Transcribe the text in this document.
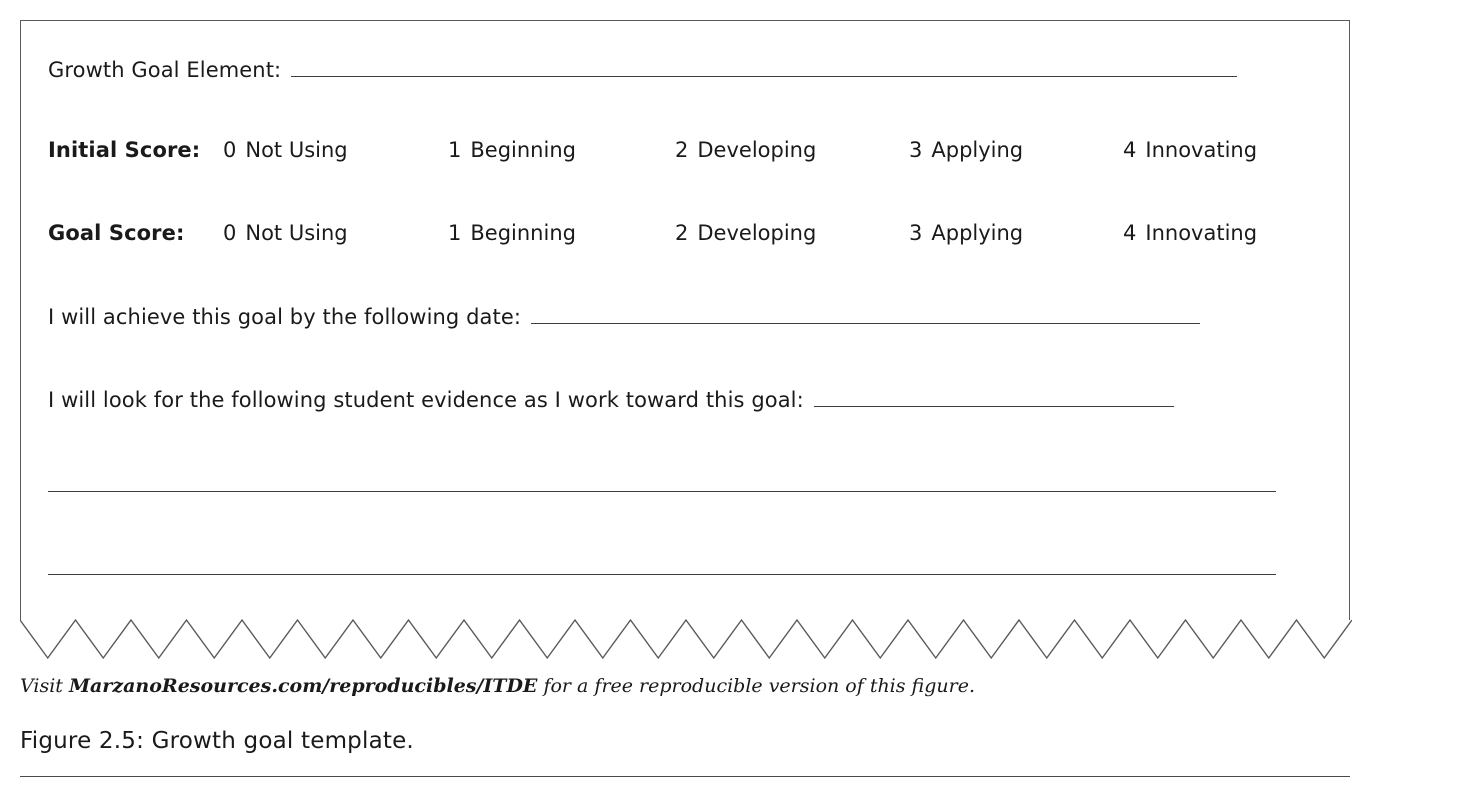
Growth Goal Element:
Initial Score: 0 Not Using	1 Beginning	2 Developing	3 Applying	4 Innovating
Goal Score: 0 Not Using	1 Beginning	2 Developing	3 Applying	4 Innovating
I will achieve this goal by the following date:
I will look for the following student evidence as I work toward this goal:
Visit MarzanoResources.com/reproducibles/ITDE for a free reproducible version of this figure.
Figure 2.5: Growth goal template.
